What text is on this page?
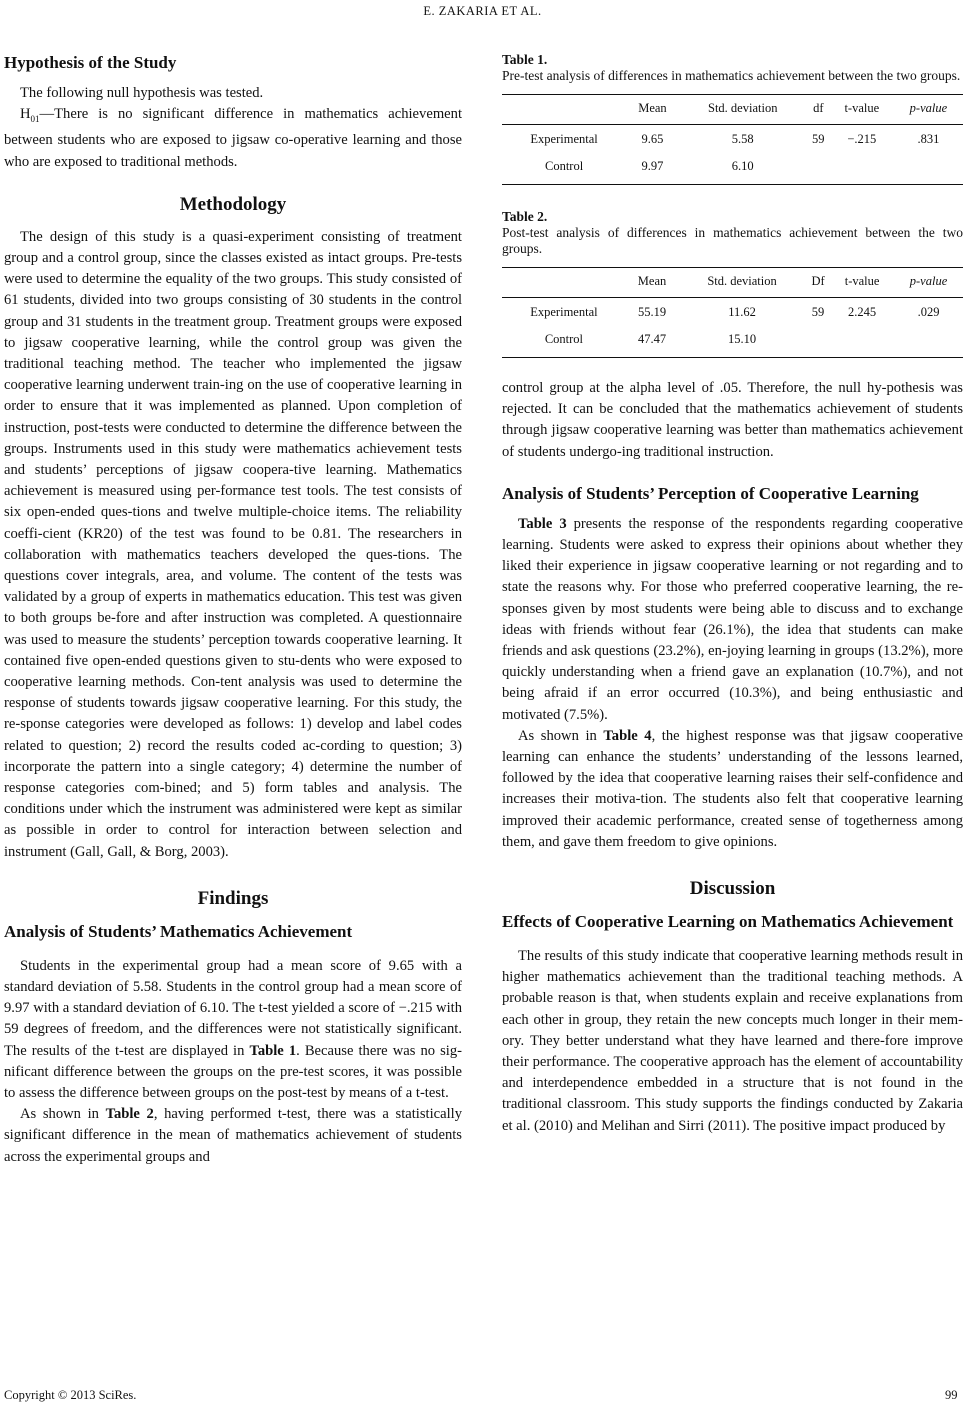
E. ZAKARIA ET AL.
Hypothesis of the Study

The following null hypothesis was tested.

$H_{01}—There$ is no significant difference in mathematics achievement between students who are exposed to jigsaw co-operative learning and those who are exposed to traditional methods.

Methodology

The design of this study is a quasi-experiment consisting of treatment group and a control group, since the classes existed as intact groups. Pre-tests were used to determine the equality of the two groups. This study consisted of 61 students, divided into two groups consisting of 30 students in the control group and 31 students in the treatment group. Treatment groups were exposed to jigsaw cooperative learning, while the control group was given the traditional teaching method. The teacher who implemented the jigsaw cooperative learning underwent train-ing on the use of cooperative learning in order to ensure that it was implemented as planned. Upon completion of instruction, post-tests were conducted to determine the difference between the groups. Instruments used in this study were mathematics achievement tests and students’ perceptions of jigsaw coopera-tive learning. Mathematics achievement is measured using per-formance test tools. The test consists of six open-ended ques-tions and twelve multiple-choice items. The reliability coeffi-cient (KR20) of the test was found to be 0.81. The researchers in collaboration with mathematics teachers developed the ques-tions. The questions cover integrals, area, and volume. The content of the tests was validated by a group of experts in mathematics education. This test was given to both groups be-fore and after instruction was completed. A questionnaire was used to measure the students’ perception towards cooperative learning. It contained five open-ended questions given to stu-dents who were exposed to cooperative learning methods. Con-tent analysis was used to determine the response of students towards jigsaw cooperative learning. For this study, the re-sponse categories were developed as follows: 1) develop and label codes related to question; 2) record the results coded ac-cording to question; 3) incorporate the pattern into a single category; 4) determine the number of response categories com-bined; and 5) form tables and analysis. The conditions under which the instrument was administered were kept as similar as possible in order to control for interaction between selection and instrument (Gall, Gall, & Borg, 2003).

Findings
Analysis of Students’ Mathematics Achievement

Students in the experimental group had a mean score of 9.65 with a standard deviation of 5.58. Students in the control group had a mean score of 9.97 with a standard deviation of 6.10. The t-test yielded a score of −.215 with 59 degrees of freedom, and the differences were not statistically significant. The results of the t-test are displayed in Table 1. Because there was no sig-nificant difference between the groups on the pre-test scores, it was possible to assess the difference between groups on the post-test by means of a t-test.

As shown in Table 2, having performed t-test, there was a statistically significant difference in the mean of mathematics achievement of students across the experimental groups and

Table 1.
Pre-test analysis of differences in mathematics achievement between the two groups.
	Mean	Std. deviation	df	t-value	p-value
Experimental	9.65	5.58	59	−.215	.831
Control	9.97	6.10			
Table 2.
Post-test analysis of differences in mathematics achievement between the two groups.
	Mean	Std. deviation	Df	t-value	p-value
Experimental	55.19	11.62	59	2.245	.029
Control	47.47	15.10			

control group at the alpha level of .05. Therefore, the null hy-pothesis was rejected. It can be concluded that the mathematics achievement of students through jigsaw cooperative learning was better than mathematics achievement of students undergo-ing traditional instruction.

Analysis of Students’ Perception of Cooperative Learning

Table 3 presents the response of the respondents regarding cooperative learning. Students were asked to express their opinions about whether they liked their experience in jigsaw cooperative learning or not regarding and to state the reasons why. For those who preferred cooperative learning, the re-sponses given by most students were being able to discuss and to exchange ideas with friends without fear (26.1%), the idea that students can make friends and ask questions (23.2%), en-joying learning in groups (13.2%), more quickly understanding when a friend gave an explanation (10.7%), and not being afraid if an error occurred (10.3%), and being enthusiastic and motivated (7.5%).

As shown in Table 4, the highest response was that jigsaw cooperative learning can enhance the students’ understanding of the lessons learned, followed by the idea that cooperative learning raises their self-confidence and increases their motiva-tion. The students also felt that cooperative learning improved their academic performance, created sense of togetherness among them, and gave them freedom to give opinions.

Discussion
Effects of Cooperative Learning on Mathematics Achievement

The results of this study indicate that cooperative learning methods result in higher mathematics achievement than the traditional teaching methods. A probable reason is that, when students explain and receive explanations from each other in group, they retain the new concepts much longer in their mem-ory. They better understand what they have learned and there-fore improve their performance. The cooperative approach has the element of accountability and interdependence embedded in a structure that is not found in the traditional classroom. This study supports the findings conducted by Zakaria et al. (2010) and Melihan and Sirri (2011). The positive impact produced by

Copyright © 2013 SciRes.	99
